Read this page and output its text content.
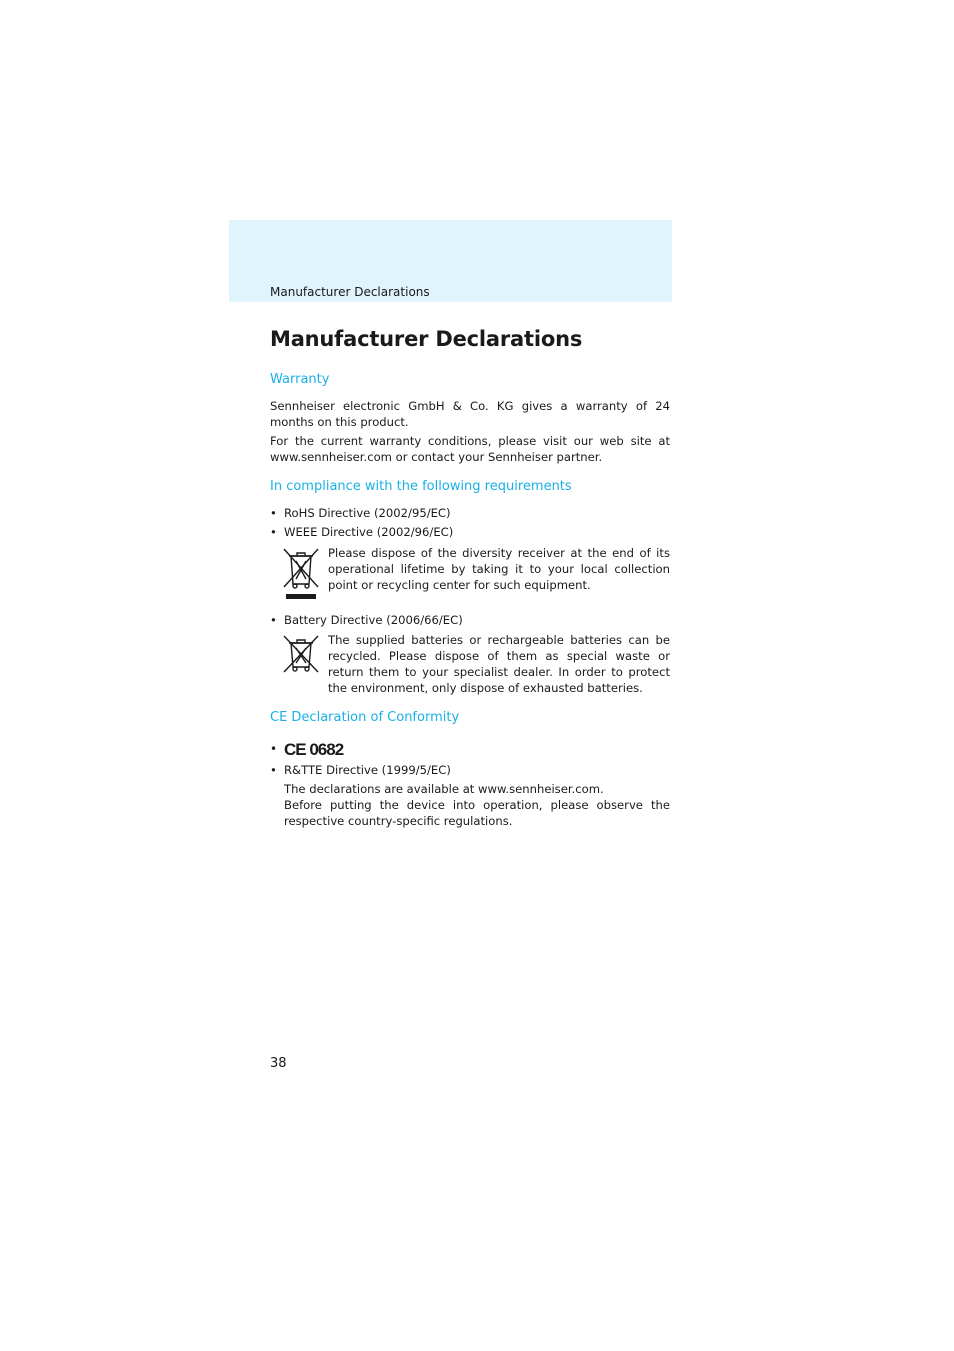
Manufacturer Declarations
Manufacturer Declarations
Warranty

Sennheiser electronic GmbH & Co. KG gives a warranty of 24 months on this product.

For the current warranty conditions, please visit our web site at www.sennheiser.com or contact your Sennheiser partner.

In compliance with the following requirements
• RoHS Directive (2002/95/EC)
• WEEE Directive (2002/96/EC)

Please dispose of the diversity receiver at the end of its operational lifetime by taking it to your local collection point or recycling center for such equipment.

• Battery Directive (2006/66/EC)

The supplied batteries or rechargeable batteries can be recycled. Please dispose of them as special waste or return them to your specialist dealer. In order to protect the environment, only dispose of exhausted batteries.

CE Declaration of Conformity
• CE 0682
• R&TTE Directive (1999/5/EC)

The declarations are available at www.sennheiser.com.

Before putting the device into operation, please observe the respective country-specific regulations.

38
